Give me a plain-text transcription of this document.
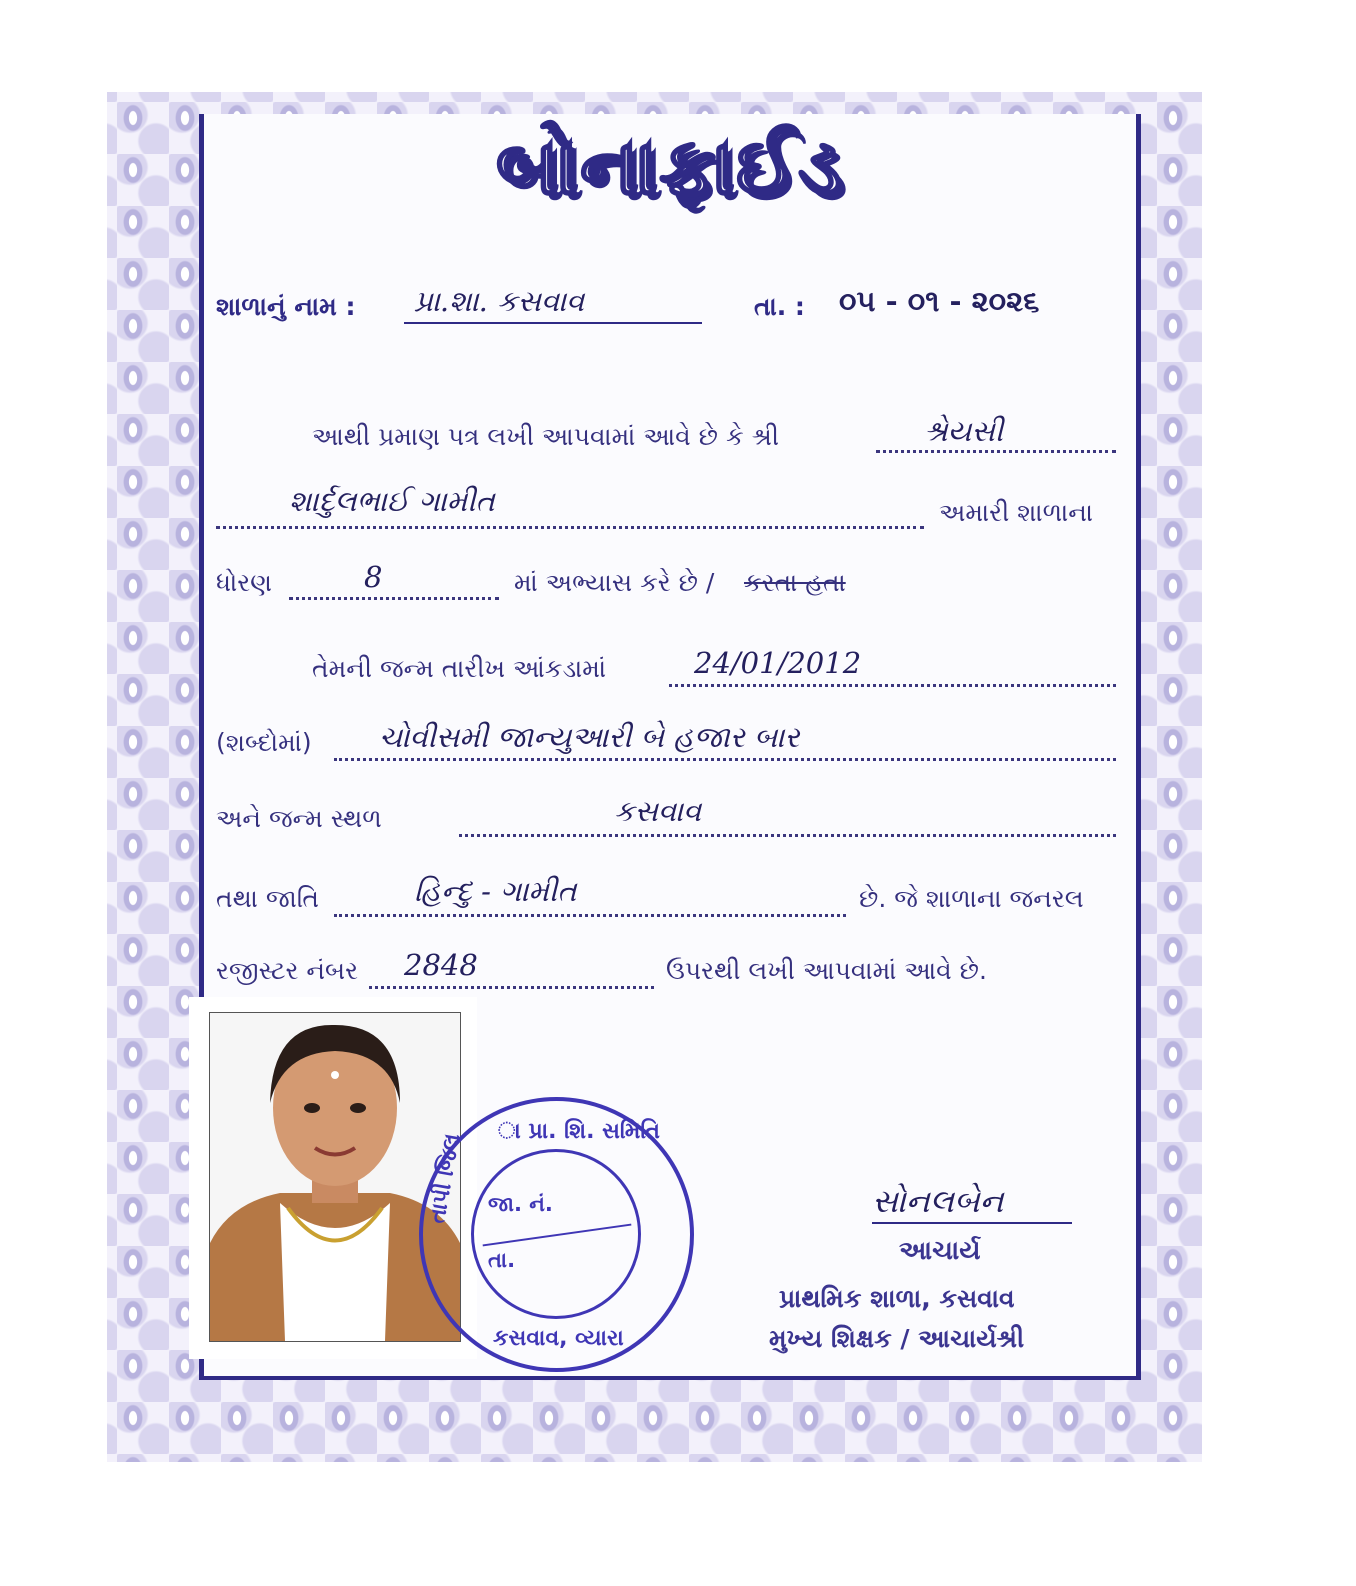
બોનાફાઈડ
શાળાનું નામ : પ્રા.શા. કસવાવ	તા. : ૦૫ - ૦૧ - ૨૦૨૬
આથી પ્રમાણ પત્ર લખી આપવામાં આવે છે કે શ્રી	શ્રેયસી
શાર્દુલભાઈ ગામીત	અમારી શાળાના
ધોરણ	8	માં અભ્યાસ કરે છે / કરતા હતા
તેમની જન્મ તારીખ આંકડામાં	24/01/2012
(શબ્દોમાં) ચોવીસમી જાન્યુઆરી બે હજાર બાર
અને જન્મ સ્થળ	કસવાવ
તથા જાતિ	હિન્દુ - ગામીત	છે. જે શાળાના જનરલ
રજીસ્ટર નંબર 2848	ઉપરથી લખી આપવામાં આવે છે.
સોનલબેન
આચાર્ય
પ્રાથમિક શાળા, કસવાવ
મુખ્ય શિક્ષક / આચાર્યશ્રી
ા પ્રા. શિ. સમિતિ
તાપી જિલ્
કસવાવ, વ્યારા
જા. નં.
તા.
